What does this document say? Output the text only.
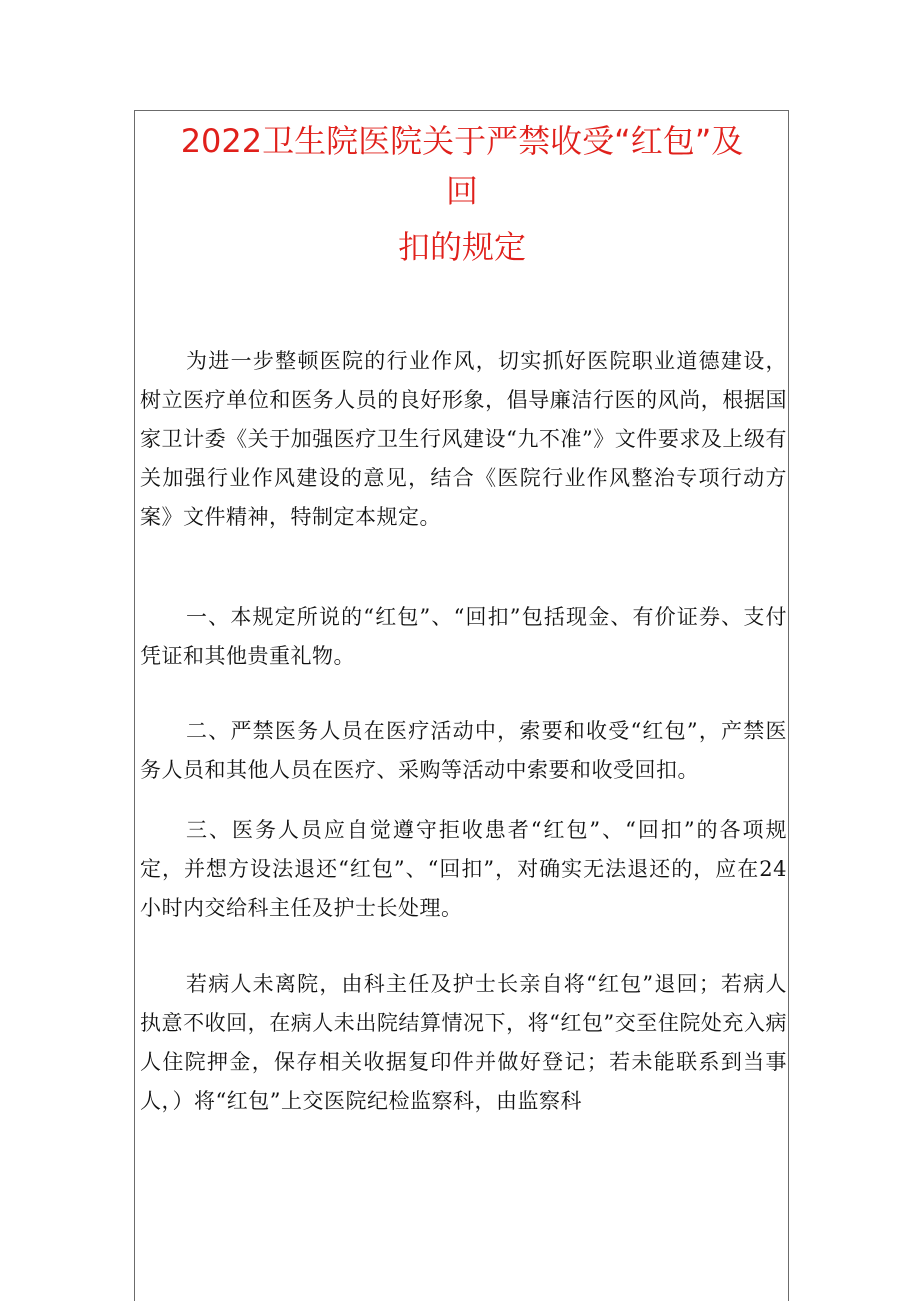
2022卫生院医院关于严禁收受“红包”及
回
扣的规定

为进一步整顿医院的行业作风，切实抓好医院职业道德建设，树立医疗单位和医务人员的良好形象，倡导廉洁行医的风尚，根据国家卫计委《关于加强医疗卫生行风建设“九不准”》文件要求及上级有关加强行业作风建设的意见，结合《医院行业作风整治专项行动方案》文件精神，特制定本规定。

一、本规定所说的“红包”、“回扣”包括现金、有价证券、支付凭证和其他贵重礼物。

二、严禁医务人员在医疗活动中，索要和收受“红包”，产禁医务人员和其他人员在医疗、采购等活动中索要和收受回扣。

三、医务人员应自觉遵守拒收患者“红包”、“回扣”的各项规定，并想方设法退还“红包”、“回扣”，对确实无法退还的，应在24小时内交给科主任及护士长处理。

若病人未离院，由科主任及护士长亲自将“红包”退回；若病人执意不收回，在病人未出院结算情况下，将“红包”交至住院处充入病人住院押金，保存相关收据复印件并做好登记；若未能联系到当事人，）将“红包”上交医院纪检监察科，由监察科
